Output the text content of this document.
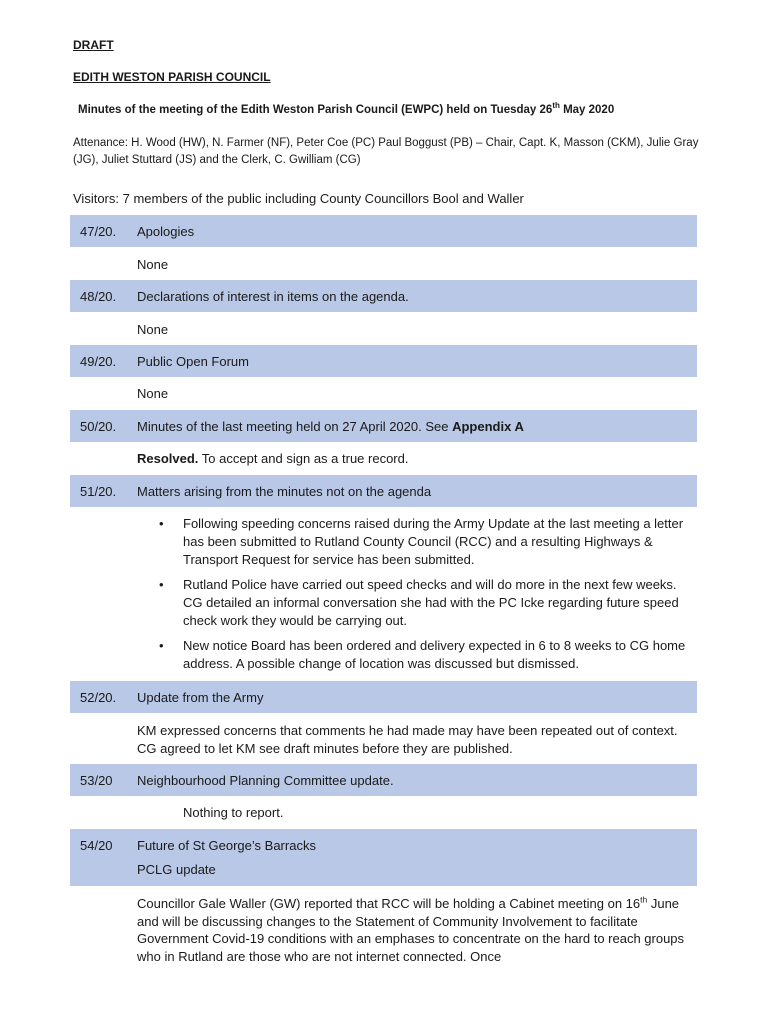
DRAFT
EDITH WESTON PARISH COUNCIL
Minutes of the meeting of the Edith Weston Parish Council (EWPC) held on Tuesday 26th May 2020
Attenance: H. Wood (HW), N. Farmer (NF), Peter Coe (PC) Paul Boggust (PB) – Chair, Capt. K, Masson (CKM), Julie Gray (JG), Juliet Stuttard (JS) and the Clerk, C. Gwilliam (CG)
Visitors: 7 members of the public including County Councillors Bool and Waller
47/20. Apologies
None
48/20. Declarations of interest in items on the agenda.
None
49/20. Public Open Forum
None
50/20. Minutes of the last meeting held on 27 April 2020. See Appendix A
Resolved. To accept and sign as a true record.
51/20. Matters arising from the minutes not on the agenda
• Following speeding concerns raised during the Army Update at the last meeting a letter has been submitted to Rutland County Council (RCC) and a resulting Highways & Transport Request for service has been submitted.
• Rutland Police have carried out speed checks and will do more in the next few weeks. CG detailed an informal conversation she had with the PC Icke regarding future speed check work they would be carrying out.
• New notice Board has been ordered and delivery expected in 6 to 8 weeks to CG home address. A possible change of location was discussed but dismissed.
52/20. Update from the Army
KM expressed concerns that comments he had made may have been repeated out of context. CG agreed to let KM see draft minutes before they are published.
53/20 Neighbourhood Planning Committee update.
Nothing to report.
54/20 Future of St George’s Barracks
PCLG update
Councillor Gale Waller (GW) reported that RCC will be holding a Cabinet meeting on 16th June and will be discussing changes to the Statement of Community Involvement to facilitate Government Covid-19 conditions with an emphases to concentrate on the hard to reach groups who in Rutland are those who are not internet connected. Once
